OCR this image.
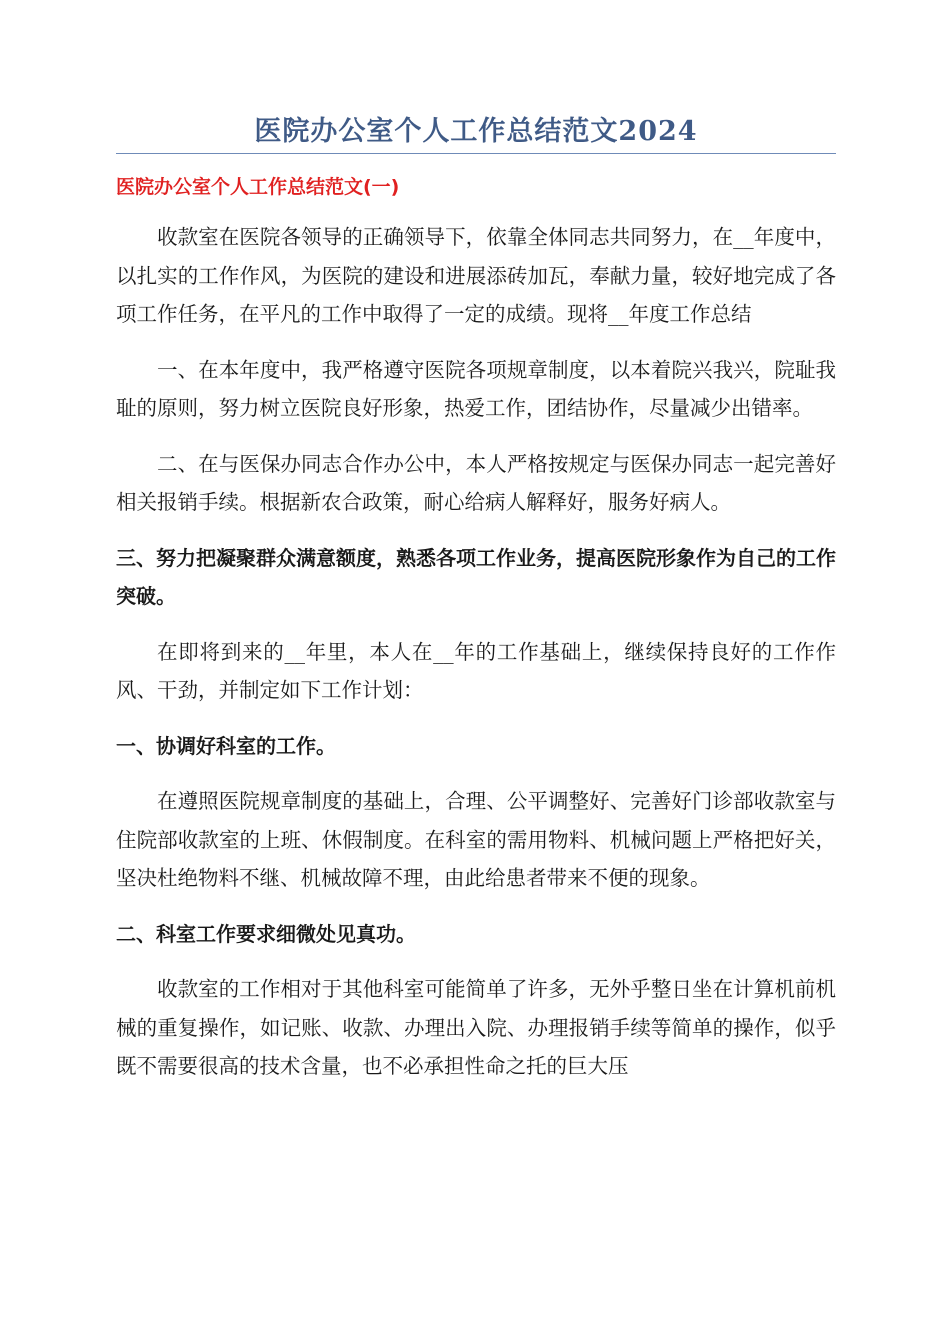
医院办公室个人工作总结范文2024
医院办公室个人工作总结范文(一)

收款室在医院各领导的正确领导下，依靠全体同志共同努力，在__年度中，以扎实的工作作风，为医院的建设和进展添砖加瓦，奉献力量，较好地完成了各项工作任务，在平凡的工作中取得了一定的成绩。现将__年度工作总结

一、在本年度中，我严格遵守医院各项规章制度，以本着院兴我兴，院耻我耻的原则，努力树立医院良好形象，热爱工作，团结协作，尽量减少出错率。

二、在与医保办同志合作办公中，本人严格按规定与医保办同志一起完善好相关报销手续。根据新农合政策，耐心给病人解释好，服务好病人。

三、努力把凝聚群众满意额度，熟悉各项工作业务，提高医院形象作为自己的工作突破。

在即将到来的__年里，本人在__年的工作基础上，继续保持良好的工作作风、干劲，并制定如下工作计划：

一、协调好科室的工作。

在遵照医院规章制度的基础上，合理、公平调整好、完善好门诊部收款室与住院部收款室的上班、休假制度。在科室的需用物料、机械问题上严格把好关，坚决杜绝物料不继、机械故障不理，由此给患者带来不便的现象。

二、科室工作要求细微处见真功。

收款室的工作相对于其他科室可能简单了许多，无外乎整日坐在计算机前机械的重复操作，如记账、收款、办理出入院、办理报销手续等简单的操作，似乎既不需要很高的技术含量，也不必承担性命之托的巨大压
